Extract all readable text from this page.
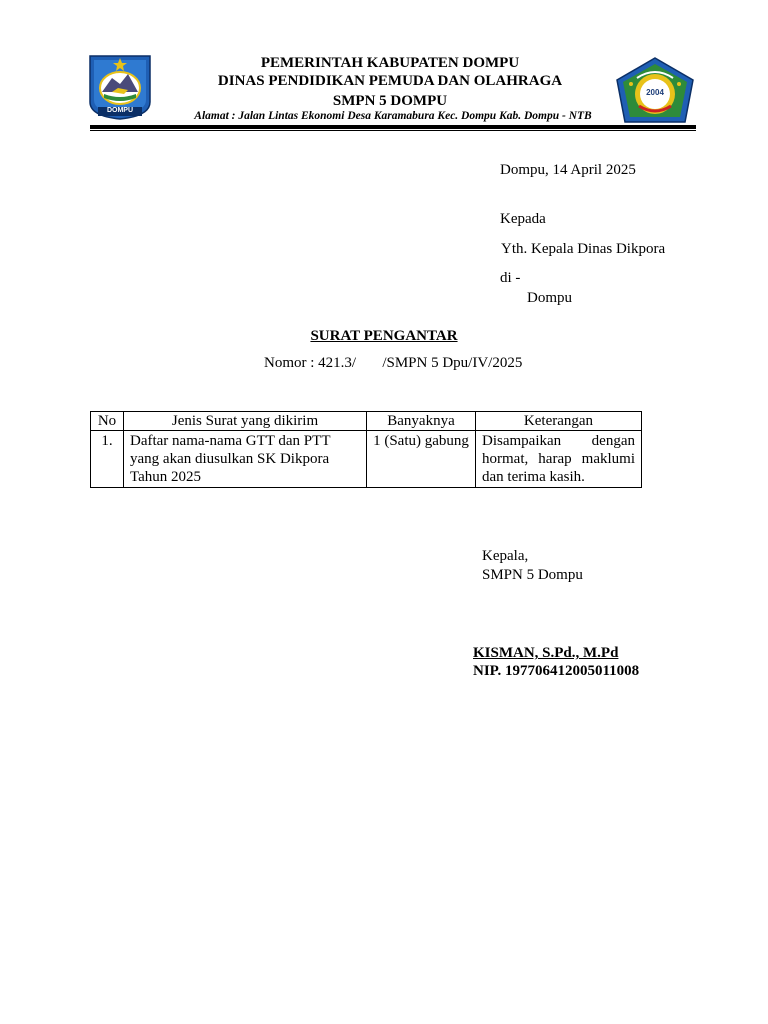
DOMPU
PEMERINTAH KABUPATEN DOMPU
DINAS PENDIDIKAN PEMUDA DAN OLAHRAGA
SMPN 5 DOMPU
Alamat : Jalan Lintas Ekonomi Desa Karamabura Kec. Dompu Kab. Dompu - NTB
2004
Dompu, 14 April 2025
Kepada
Yth. Kepala Dinas Dikpora
di -
Dompu
SURAT PENGANTAR
Nomor : 421.3/       /SMPN 5 Dpu/IV/2025
No	Jenis Surat yang dikirim	Banyaknya	Keterangan
1.	Daftar nama-nama GTT dan PTT yang akan diusulkan SK Dikpora Tahun 2025	1 (Satu) gabung	Disampaikan dengan hormat, harap maklumi dan terima kasih.
Kepala,
SMPN 5 Dompu
KISMAN, S.Pd., M.Pd
NIP. 197706412005011008
